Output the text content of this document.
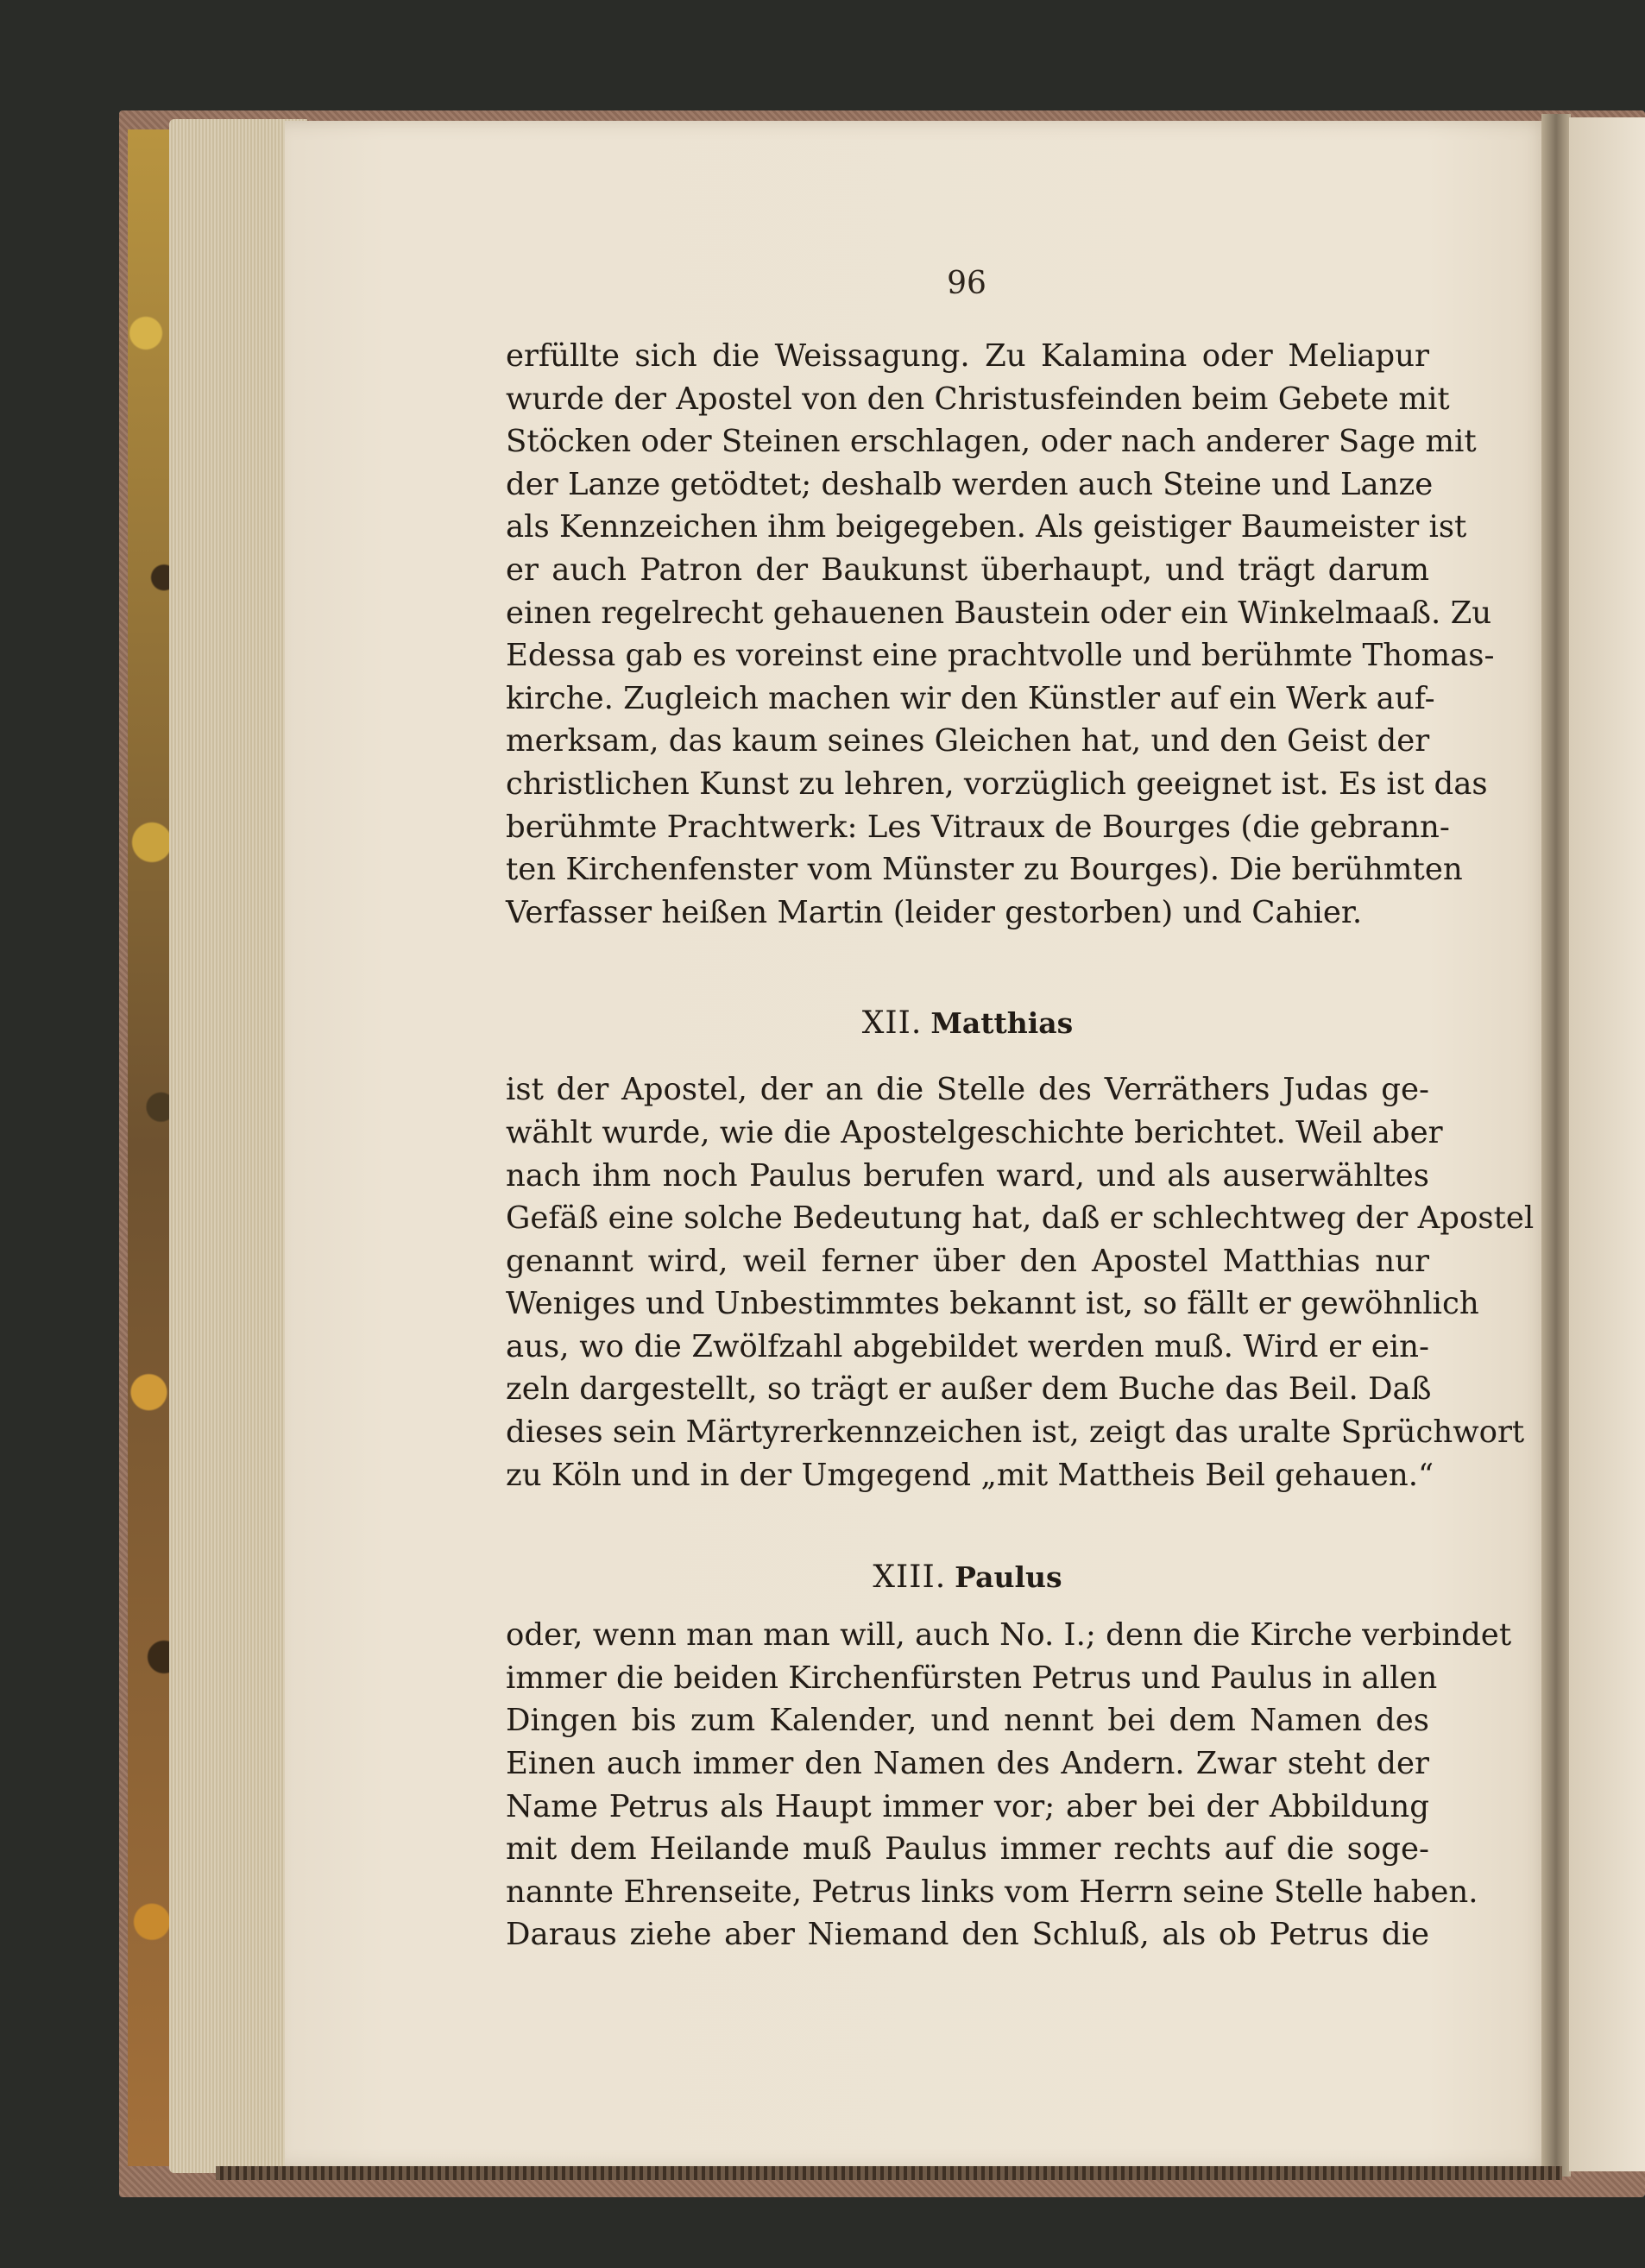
96
erfüllte sich die Weissagung. Zu Kalamina oder Meliapur
wurde der Apostel von den Christusfeinden beim Gebete mit
Stöcken oder Steinen erschlagen, oder nach anderer Sage mit
der Lanze getödtet; deshalb werden auch Steine und Lanze
als Kennzeichen ihm beigegeben. Als geistiger Baumeister ist
er auch Patron der Baukunst überhaupt, und trägt darum
einen regelrecht gehauenen Baustein oder ein Winkelmaaß. Zu
Edessa gab es voreinst eine prachtvolle und berühmte Thomas-
kirche. Zugleich machen wir den Künstler auf ein Werk auf-
merksam, das kaum seines Gleichen hat, und den Geist der
christlichen Kunst zu lehren, vorzüglich geeignet ist. Es ist das
berühmte Prachtwerk: Les Vitraux de Bourges (die gebrann-
ten Kirchenfenster vom Münster zu Bourges). Die berühmten
Verfasser heißen Martin (leider gestorben) und Cahier.
XII. Matthias
ist der Apostel, der an die Stelle des Verräthers Judas ge-
wählt wurde, wie die Apostelgeschichte berichtet. Weil aber
nach ihm noch Paulus berufen ward, und als auserwähltes
Gefäß eine solche Bedeutung hat, daß er schlechtweg der Apostel
genannt wird, weil ferner über den Apostel Matthias nur
Weniges und Unbestimmtes bekannt ist, so fällt er gewöhnlich
aus, wo die Zwölfzahl abgebildet werden muß. Wird er ein-
zeln dargestellt, so trägt er außer dem Buche das Beil. Daß
dieses sein Märtyrerkennzeichen ist, zeigt das uralte Sprüchwort
zu Köln und in der Umgegend „mit Mattheis Beil gehauen.“
XIII. Paulus
oder, wenn man man will, auch No. I.; denn die Kirche verbindet
immer die beiden Kirchenfürsten Petrus und Paulus in allen
Dingen bis zum Kalender, und nennt bei dem Namen des
Einen auch immer den Namen des Andern. Zwar steht der
Name Petrus als Haupt immer vor; aber bei der Abbildung
mit dem Heilande muß Paulus immer rechts auf die soge-
nannte Ehrenseite, Petrus links vom Herrn seine Stelle haben.
Daraus ziehe aber Niemand den Schluß, als ob Petrus die
